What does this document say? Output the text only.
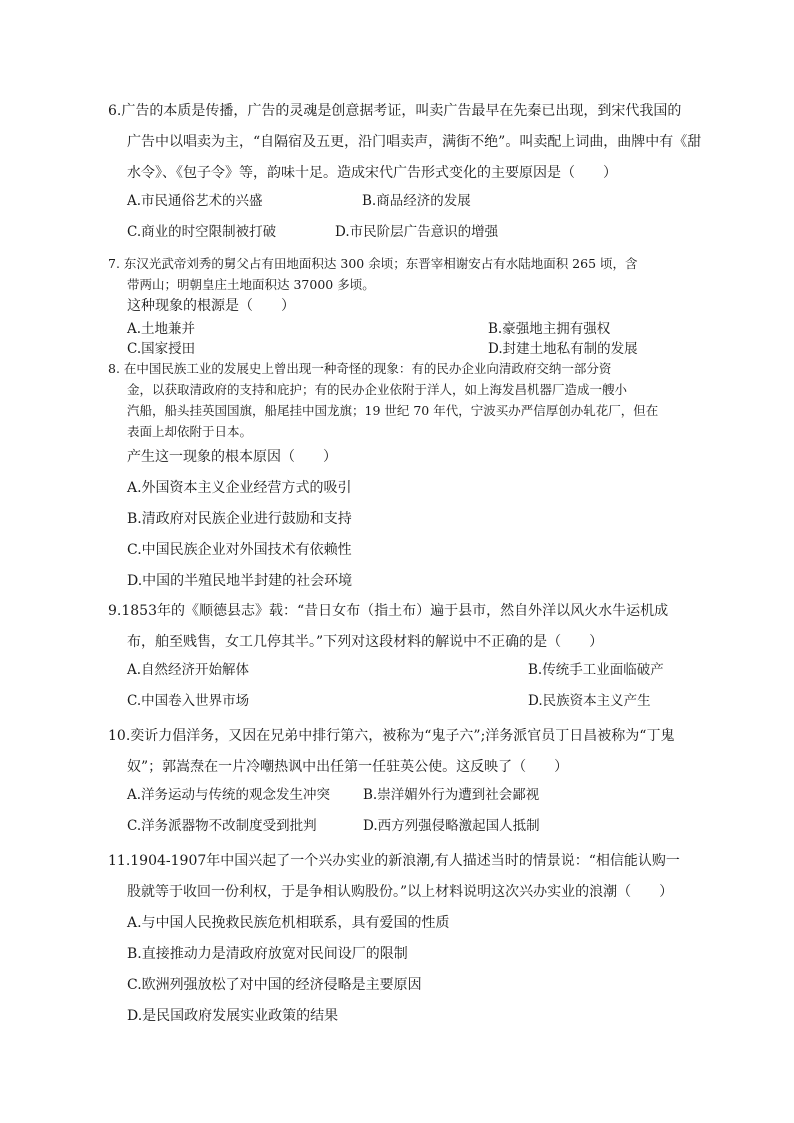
6.广告的本质是传播，广告的灵魂是创意据考证，叫卖广告最早在先秦已出现，到宋代我国的
广告中以唱卖为主，“自隔宿及五更，沿门唱卖声，满街不绝”。叫卖配上词曲，曲牌中有《甜
水令》、《包子令》等，韵味十足。造成宋代广告形式变化的主要原因是（　　）
A.市民通俗艺术的兴盛	B.商品经济的发展
C.商业的时空限制被打破	D.市民阶层广告意识的增强
7. 东汉光武帝刘秀的舅父占有田地面积达 300 余顷；东晋宰相谢安占有水陆地面积 265 顷，含
带两山；明朝皇庄土地面积达 37000 多顷。
这种现象的根源是（　　）
A.土地兼并	B.豪强地主拥有强权
C.国家授田	D.封建土地私有制的发展
8. 在中国民族工业的发展史上曾出现一种奇怪的现象：有的民办企业向清政府交纳一部分资
金，以获取清政府的支持和庇护；有的民办企业依附于洋人，如上海发昌机器厂造成一艘小
汽船，船头挂英国国旗，船尾挂中国龙旗；19 世纪 70 年代，宁波买办严信厚创办轧花厂，但在
表面上却依附于日本。
产生这一现象的根本原因（　　）
A.外国资本主义企业经营方式的吸引
B.清政府对民族企业进行鼓励和支持
C.中国民族企业对外国技术有依赖性
D.中国的半殖民地半封建的社会环境
9.1853年的《顺德县志》载：“昔日女布（指土布）遍于县市，然自外洋以风火水牛运机成
布，舶至贱售，女工几停其半。”下列对这段材料的解说中不正确的是（　　）
A.自然经济开始解体	B.传统手工业面临破产
C.中国卷入世界市场	D.民族资本主义产生
10.奕䜣力倡洋务，又因在兄弟中排行第六，被称为“鬼子六”;洋务派官员丁日昌被称为“丁鬼
奴”；郭嵩焘在一片冷嘲热讽中出任第一任驻英公使。这反映了（　　）
A.洋务运动与传统的观念发生冲突 B.崇洋媚外行为遭到社会鄙视
C.洋务派器物不改制度受到批判	D.西方列强侵略激起国人抵制
11.1904-1907年中国兴起了一个兴办实业的新浪潮,有人描述当时的情景说：“相信能认购一
股就等于收回一份利权，于是争相认购股份。”以上材料说明这次兴办实业的浪潮（　　）
A.与中国人民挽救民族危机相联系，具有爱国的性质
B.直接推动力是清政府放宽对民间设厂的限制
C.欧洲列强放松了对中国的经济侵略是主要原因
D.是民国政府发展实业政策的结果
